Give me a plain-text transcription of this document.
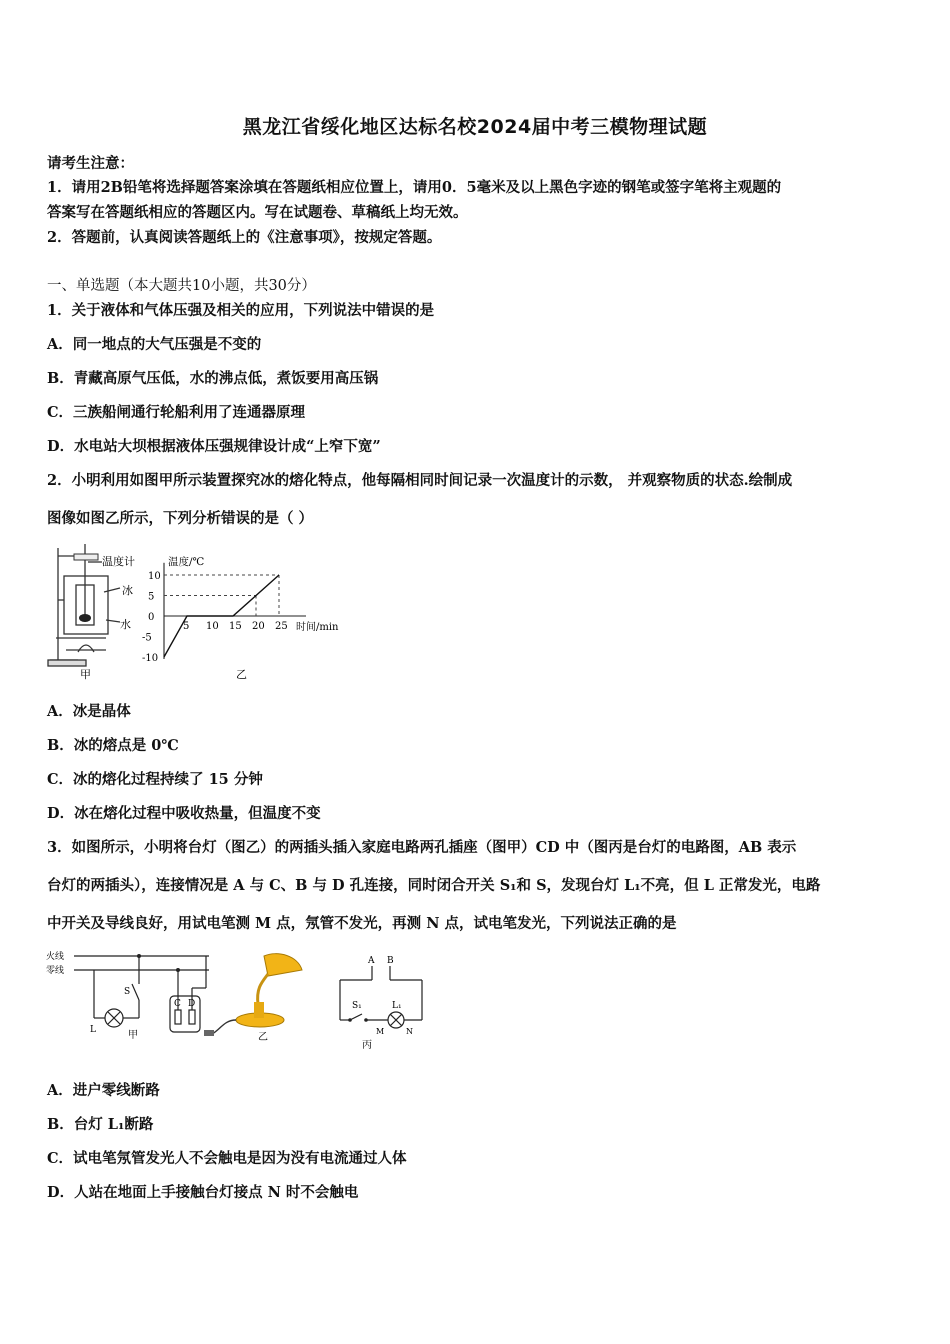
黑龙江省绥化地区达标名校2024届中考三模物理试题
请考生注意：
1．请用2B铅笔将选择题答案涂填在答题纸相应位置上，请用0．5毫米及以上黑色字迹的钢笔或签字笔将主观题的
答案写在答题纸相应的答题区内。写在试题卷、草稿纸上均无效。
2．答题前，认真阅读答题纸上的《注意事项》，按规定答题。
一、单选题（本大题共10小题，共30分）
1．关于液体和气体压强及相关的应用，下列说法中错误的是
A．同一地点的大气压强是不变的
B．青藏高原气压低，水的沸点低，煮饭要用高压锅
C．三族船闸通行轮船利用了连通器原理
D．水电站大坝根据液体压强规律设计成“上窄下宽”
2．小明利用如图甲所示装置探究冰的熔化特点，他每隔相同时间记录一次温度计的示数， 并观察物质的状态.绘制成
图像如图乙所示，下列分析错误的是（ ）
温度计
冰
水
甲
5 10 15 20 25
10
5
0
-5
-10
温度/℃
时间/min
乙
A．冰是晶体
B．冰的熔点是 0℃
C．冰的熔化过程持续了 15 分钟
D．冰在熔化过程中吸收热量，但温度不变
3．如图所示，小明将台灯（图乙）的两插头插入家庭电路两孔插座（图甲）CD 中（图丙是台灯的电路图，AB 表示
台灯的两插头），连接情况是 A 与 C、B 与 D 孔连接，同时闭合开关 S₁和 S，发现台灯 L₁不亮，但 L 正常发光，电路
中开关及导线良好，用试电笔测 M 点，氖管不发光，再测 N 点，试电笔发光，下列说法正确的是
火线
零线
S
L
C D
甲	乙
A B
S₁	L₁
M	N
丙
A．进户零线断路
B．台灯 L₁断路
C．试电笔氖管发光人不会触电是因为没有电流通过人体
D．人站在地面上手接触台灯接点 N 时不会触电
